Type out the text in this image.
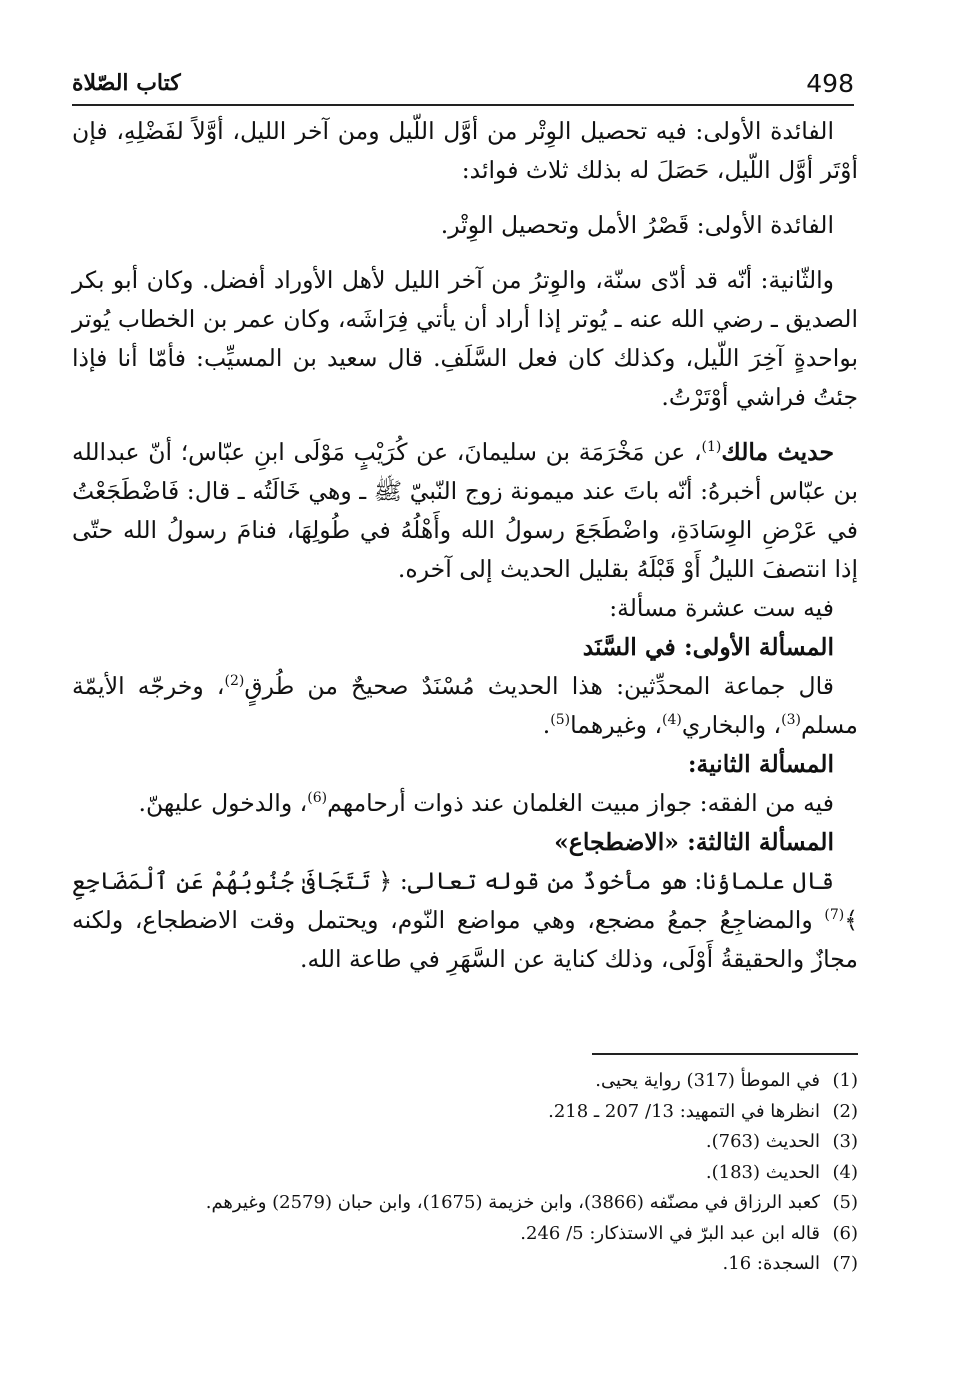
كتاب الصّلاة	498

الفائدة الأولى: فيه تحصيل الوِتْر من أوَّل اللّيل ومن آخر الليل، أوَّلاً لفَضْلِهِ، فإن أوْتَر أوَّل اللّيل، حَصَلَ له بذلك ثلاث فوائد:

الفائدة الأولى: قَصْرُ الأمل وتحصيل الوِتْر.

والثّانية: أنّه قد أدّى سنّة، والوِترُ من آخر الليل لأهل الأوراد أفضل. وكان أبو بكر الصديق ـ رضي الله عنه ـ يُوتر إذا أراد أن يأتي فِرَاشَه، وكان عمر بن الخطاب يُوتر بواحدةٍ آخِرَ اللّيل، وكذلك كان فعل السَّلَفِ. قال سعيد بن المسيِّب: فأمّا أنا فإذا جئتُ فراشي أوْتَرْتُ.

حديث مالك$^{(1)}$، عن مَخْرَمَة بن سليمانَ، عن كُرَيْبٍ مَوْلَى ابنِ عبّاس؛ أنّ عبدالله بن عبّاس أخبرهُ: أنّه باتَ عند ميمونة زوج النّبيّ ﷺ ـ وهي خَالَتُه ـ قال: فَاضْطَجَعْتُ في عَرْضِ الوِسَادَةِ، واضْطَجَعَ رسولُ الله وأَهْلُهُ في طُولِهَا، فنامَ رسولُ الله حتّى إذا انتصفَ الليلُ أَوْ قَبْلَهُ بقليل الحديث إلى آخره.

فيه ست عشرة مسألة:

المسألة الأولى: في السَّنَد

قال جماعة المحدِّثين: هذا الحديث مُسْنَدٌ صحيحٌ من طُرقٍ$^{(2)}$، وخرجّه الأيمّة مسلم$^{(3)}$، والبخاري$^{(4)}$، وغيرهما$^{(5)}$.

المسألة الثانية:

فيه من الفقه: جواز مبيت الغلمان عند ذوات أرحامهم$^{(6)}$، والدخول عليهنّ.

المسألة الثالثة: «الاضطجاع»

قال علماؤنا: هو مأخوذٌ من قوله تعالى: ﴿ تَتَجَافَىٰ جُنُوبُهُمْ عَنِ ٱلْمَضَاجِعِ ﴾$^{(7)}$ والمضاجِعُ جمعُ مضجع، وهي مواضع النّوم، ويحتمل وقت الاضطجاع، ولكنه مجازٌ والحقيقةُ أَوْلَى، وذلك كناية عن السَّهَرِ في طاعة الله.

(1)
في الموطأ (317) رواية يحيى.
(2)
انظرها في التمهيد: 13/ 207 ـ 218.
(3)
الحديث (763).
(4)
الحديث (183).
(5)
كعبد الرزاق في مصنّفه (3866)، وابن خزيمة (1675)، وابن حبان (2579) وغيرهم.
(6)
قاله ابن عبد البرّ في الاستذكار: 5/ 246.
(7)
السجدة: 16.
